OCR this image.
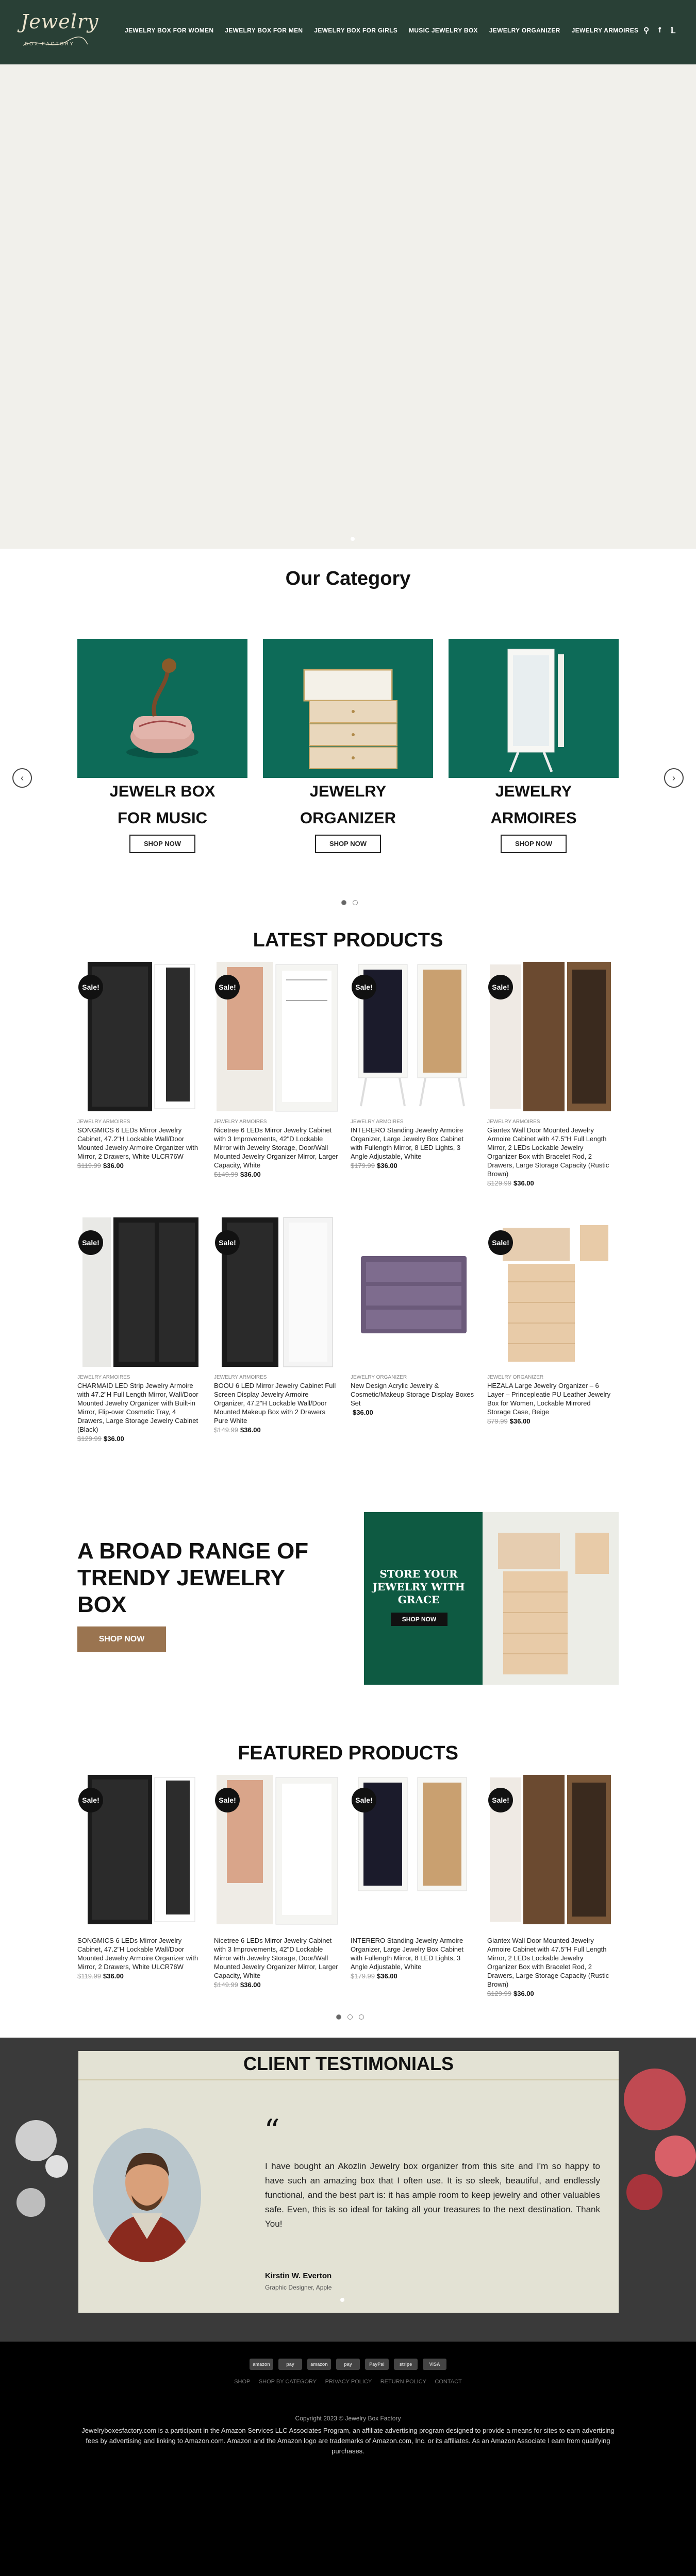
Jewelry
BOX FACTORY
JEWELRY BOX FOR WOMEN JEWELRY BOX FOR MEN JEWELRY BOX FOR GIRLS MUSIC JEWELRY BOX JEWELRY ORGANIZER JEWELRY ARMOIRES ⚲ f 𝕃
Our Category
‹	›
JEWELR BOX
FOR MUSIC
SHOP NOW
JEWELRY
ORGANIZER
SHOP NOW
JEWELRY
ARMOIRES
SHOP NOW
LATEST PRODUCTS
Sale!
JEWELRY ARMOIRES
SONGMICS 6 LEDs Mirror Jewelry Cabinet, 47.2"H Lockable Wall/Door Mounted Jewelry Armoire Organizer with Mirror, 2 Drawers, White ULCR76W
$119.99 $36.00
Sale!
JEWELRY ARMOIRES
Nicetree 6 LEDs Mirror Jewelry Cabinet with 3 Improvements, 42"D Lockable Mirror with Jewelry Storage, Door/Wall Mounted Jewelry Organizer Mirror, Larger Capacity, White
$149.99 $36.00
Sale!
JEWELRY ARMOIRES
INTERERO Standing Jewelry Armoire Organizer, Large Jewelry Box Cabinet with Fullength Mirror, 8 LED Lights, 3 Angle Adjustable, White
$179.99 $36.00
Sale!
JEWELRY ARMOIRES
Giantex Wall Door Mounted Jewelry Armoire Cabinet with 47.5"H Full Length Mirror, 2 LEDs Lockable Jewelry Organizer Box with Bracelet Rod, 2 Drawers, Large Storage Capacity (Rustic Brown)
$129.99 $36.00
Sale!
JEWELRY ARMOIRES
CHARMAID LED Strip Jewelry Armoire with 47.2"H Full Length Mirror, Wall/Door Mounted Jewelry Organizer with Built-in Mirror, Flip-over Cosmetic Tray, 4 Drawers, Large Storage Jewelry Cabinet (Black)
$129.99 $36.00
Sale!
JEWELRY ARMOIRES
BOOU 6 LED Mirror Jewelry Cabinet Full Screen Display Jewelry Armoire Organizer, 47.2"H Lockable Wall/Door Mounted Makeup Box with 2 Drawers Pure White
$149.99 $36.00
JEWELRY ORGANIZER
New Design Acrylic Jewelry & Cosmetic/Makeup Storage Display Boxes Set
$36.00
Sale!
JEWELRY ORGANIZER
HEZALA Large Jewelry Organizer – 6 Layer – Princepleatie PU Leather Jewelry Box for Women, Lockable Mirrored Storage Case, Beige
$79.99 $36.00
A BROAD RANGE OF TRENDY JEWELRY BOX
SHOP NOW
STORE YOUR JEWELRY WITH GRACE
SHOP NOW
FEATURED PRODUCTS
Sale!
SONGMICS 6 LEDs Mirror Jewelry Cabinet, 47.2"H Lockable Wall/Door Mounted Jewelry Armoire Organizer with Mirror, 2 Drawers, White ULCR76W
$119.99 $36.00
Sale!
Nicetree 6 LEDs Mirror Jewelry Cabinet with 3 Improvements, 42"D Lockable Mirror with Jewelry Storage, Door/Wall Mounted Jewelry Organizer Mirror, Larger Capacity, White
$149.99 $36.00
Sale!
INTERERO Standing Jewelry Armoire Organizer, Large Jewelry Box Cabinet with Fullength Mirror, 8 LED Lights, 3 Angle Adjustable, White
$179.99 $36.00
Sale!
Giantex Wall Door Mounted Jewelry Armoire Cabinet with 47.5"H Full Length Mirror, 2 LEDs Lockable Jewelry Organizer Box with Bracelet Rod, 2 Drawers, Large Storage Capacity (Rustic Brown)
$129.99 $36.00
CLIENT TESTIMONIALS
“
I have bought an Akozlin Jewelry box organizer from this site and I'm so happy to have such an amazing box that I often use. It is so sleek, beautiful, and endlessly functional, and the best part is: it has ample room to keep jewelry and other valuables safe. Even, this is so ideal for taking all your treasures to the next destination. Thank You!
Kirstin W. Everton
Graphic Designer, Apple
SHOP SHOP BY CATEGORY PRIVACY POLICY RETURN POLICY CONTACT
Copyright 2023 © Jewelry Box Factory
amazon	pay	amazon	pay	PayPal	stripe	VISA
Jewelryboxesfactory.com is a participant in the Amazon Services LLC Associates Program, an affiliate advertising program designed to provide a means for sites to earn advertising fees by advertising and linking to Amazon.com. Amazon and the Amazon logo are trademarks of Amazon.com, Inc. or its affiliates. As an Amazon Associate I earn from qualifying purchases.
